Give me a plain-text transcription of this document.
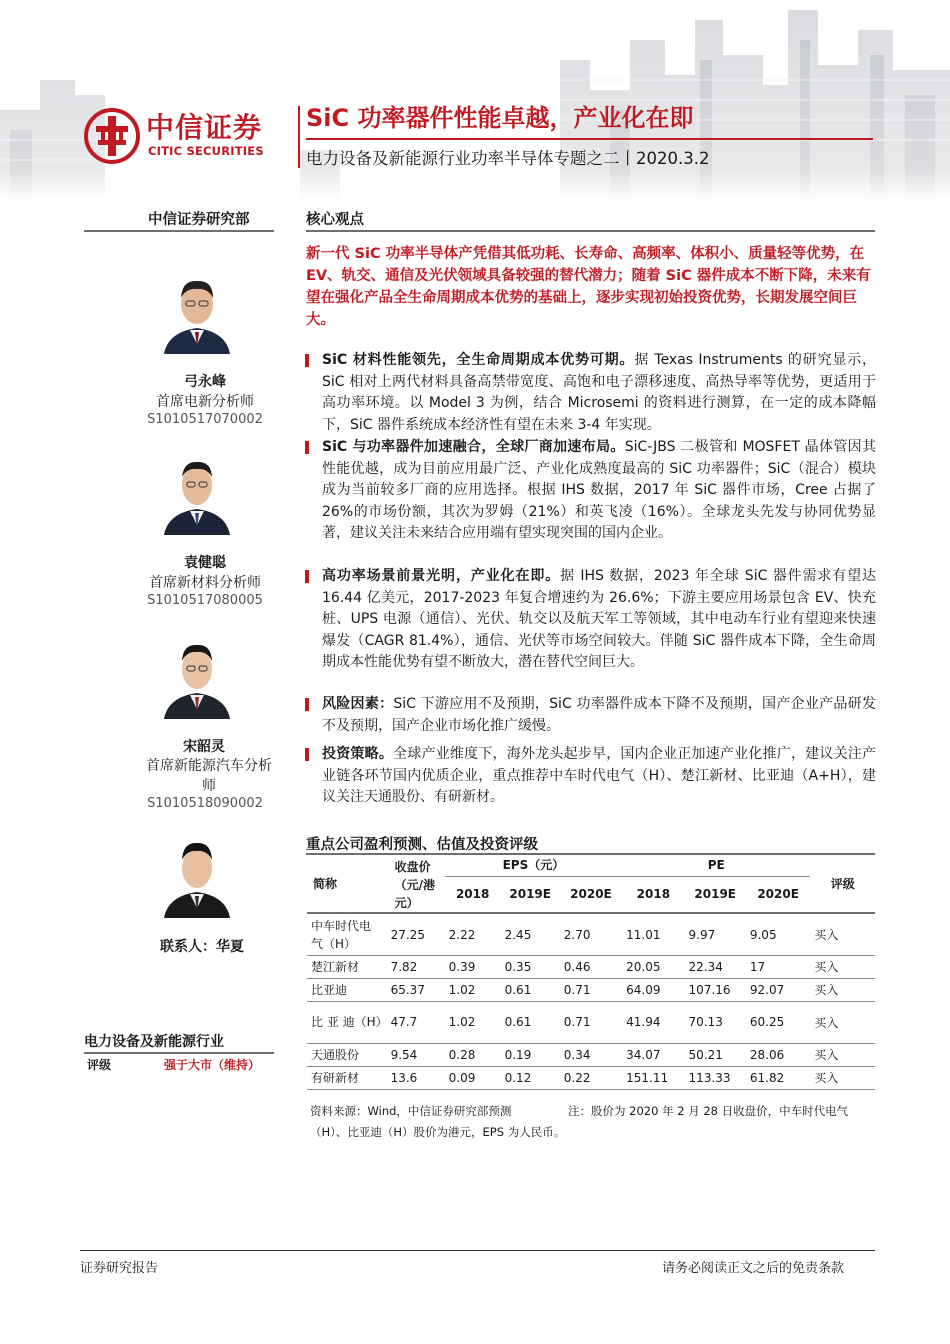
中信证券
CITIC SECURITIES
SiC 功率器件性能卓越，产业化在即
电力设备及新能源行业功率半导体专题之二丨2020.3.2
中信证券研究部
弓永峰
首席电新分析师
S1010517070002
袁健聪
首席新材料分析师
S1010517080005
宋韶灵
首席新能源汽车分析师
S1010518090002
联系人：华夏
电力设备及新能源行业
评级	强于大市（维持）
核心观点
新一代 SiC 功率半导体产凭借其低功耗、长寿命、高频率、体积小、质量轻等优势，在 EV、轨交、通信及光伏领域具备较强的替代潜力；随着 SiC 器件成本不断下降，未来有望在强化产品全生命周期成本优势的基础上，逐步实现初始投资优势，长期发展空间巨大。
SiC 材料性能领先，全生命周期成本优势可期。据 Texas Instruments 的研究显示， SiC 相对上两代材料具备高禁带宽度、高饱和电子漂移速度、高热导率等优势，更适用于高功率环境。以 Model 3 为例，结合 Microsemi 的资料进行测算，在一定的成本降幅下，SiC 器件系统成本经济性有望在未来 3-4 年实现。
SiC 与功率器件加速融合，全球厂商加速布局。SiC-JBS 二极管和 MOSFET 晶体管因其性能优越，成为目前应用最广泛、产业化成熟度最高的 SiC 功率器件；SiC（混合）模块成为当前较多厂商的应用选择。根据 IHS 数据，2017 年 SiC 器件市场，Cree 占据了 26%的市场份额，其次为罗姆（21%）和英飞凌（16%）。全球龙头先发与协同优势显著，建议关注未来结合应用端有望实现突围的国内企业。
高功率场景前景光明，产业化在即。据 IHS 数据，2023 年全球 SiC 器件需求有望达 16.44 亿美元，2017-2023 年复合增速约为 26.6%；下游主要应用场景包含 EV、快充桩、UPS 电源（通信）、光伏、轨交以及航天军工等领域，其中电动车行业有望迎来快速爆发（CAGR 81.4%），通信、光伏等市场空间较大。伴随 SiC 器件成本下降，全生命周期成本性能优势有望不断放大，潜在替代空间巨大。
风险因素：SiC 下游应用不及预期，SiC 功率器件成本下降不及预期，国产企业产品研发不及预期，国产企业市场化推广缓慢。
投资策略。全球产业维度下，海外龙头起步早，国内企业正加速产业化推广，建议关注产业链各环节国内优质企业，重点推荐中车时代电气（H）、楚江新材、比亚迪（A+H），建议关注天通股份、有研新材。
重点公司盈利预测、估值及投资评级
简称	收盘价（元/港元）	EPS（元）			PE			评级
		2018	2019E	2020E	2018	2019E	2020E	

中车时代电气（H）	27.25	2.22	2.45	2.70	11.01	9.97	9.05	买入
楚江新材	7.82	0.39	0.35	0.46	20.05	22.34	17	买入
比亚迪	65.37	1.02	0.61	0.71	64.09	107.16	92.07	买入
比 亚 迪（H）	47.7	1.02	0.61	0.71	41.94	70.13	60.25	买入
天通股份	9.54	0.28	0.19	0.34	34.07	50.21	28.06	买入
有研新材	13.6	0.09	0.12	0.22	151.11	113.33	61.82	买入
资料来源：Wind，中信证券研究部预测	注：股价为 2020 年 2 月 28 日收盘价，中车时代电气
（H）、比亚迪（H）股价为港元，EPS 为人民币。
证券研究报告	请务必阅读正文之后的免责条款
